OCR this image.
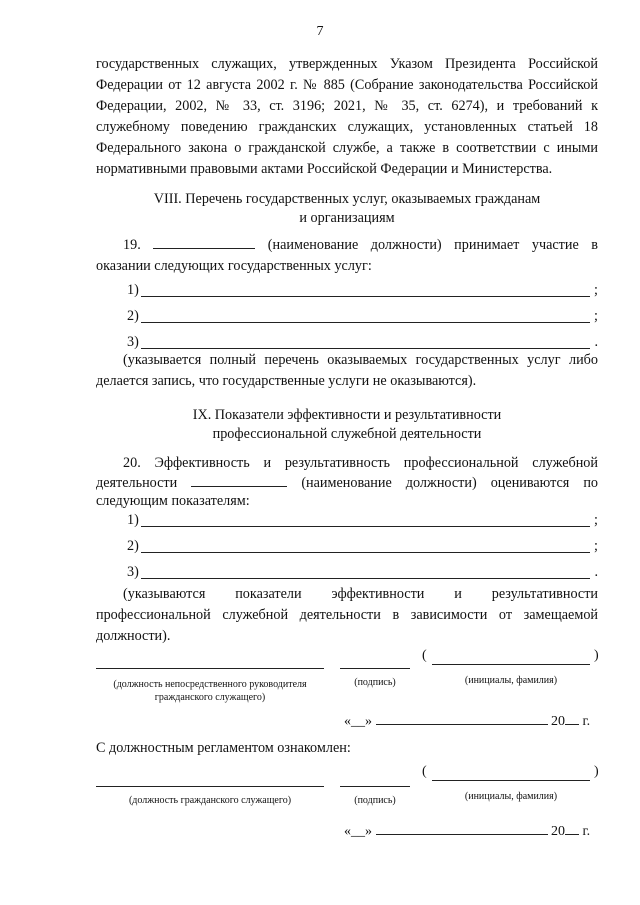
7
государственных служащих, утвержденных Указом Президента Российской Федерации от 12 августа 2002 г. № 885 (Собрание законодательства Российской Федерации, 2002, № 33, ст. 3196; 2021, № 35, ст. 6274), и требований к служебному поведению гражданских служащих, установленных статьей 18 Федерального закона о гражданской службе, а также в соответствии с иными нормативными правовыми актами Российской Федерации и Министерства.
VIII. Перечень государственных услуг, оказываемых гражданам
и организациям
19.	(наименование должности) принимает участие в оказании следующих государственных услуг:
1)	;
2)	;
3)	.
(указывается полный перечень оказываемых государственных услуг либо делается запись, что государственные услуги не оказываются).
IX. Показатели эффективности и результативности
профессиональной служебной деятельности
20. Эффективность и результативность профессиональной служебной деятельности	(наименование должности) оцениваются по следующим показателям:
1)	;
2)	;
3)	.
(указываются показатели эффективности и результативности профессиональной служебной деятельности в зависимости от замещаемой должности).
(	)
(должность непосредственного руководителя
гражданского служащего)
(подпись)	(инициалы, фамилия)
«__»	20 г.
С должностным регламентом ознакомлен:
(	)
(должность гражданского служащего)	(подпись)	(инициалы, фамилия)
«__»	20 г.
